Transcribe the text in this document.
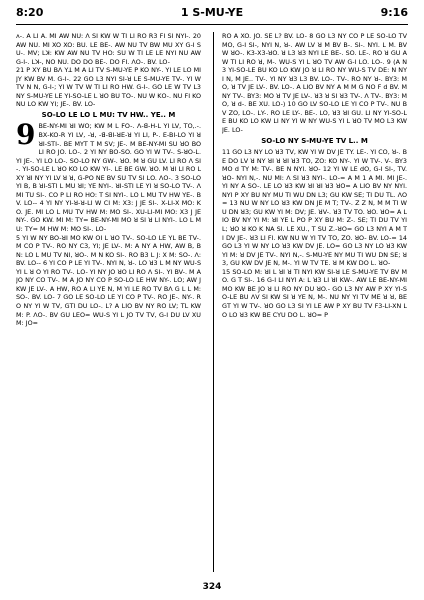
8:20	1 S-MU-YE	9:16

ʌ-. A LI A. MI AW NU: ꓥ SI KW W TI ꓡI RO R3 FI SI NYI-. 20 AW NU. MI XO XO: BU. LE BE-. AW NU TV BW MU XY G-I SU-. MV; Lꓘ: KW AW NU TV HO: SU W TI LE ꓡE NYI NU AW G-I-. Lꓘ-, NO NU. DO DO BE-. DO FI. ꓥO-. BV. LO-

21 P XY BU Bꓥ Yꓕ M A ꓡI ꓔV S-MU-YE P KO NY-. YI LE ꓡO MI JY KW BV M. G-I-. 22 GO L3 NYI SI-ꓤ LE S-MU-YE ꓔV-. YI W TV N N, G-I-; YI W ꓔV W TI ꓡI RO HW. G-I-. GO LE W ꓔV L3 NY S-MU-YE LE YI-SO-LE L ꓤO BU TO-. NU W ꓗO-. NU FI KO NU ꓡO KW YI; JE-. BV. LO-

SO-LO LE LO L MU: ꓔV HW.. YE.. M

9 BE-NY-MI ꓤI WO; KW M L ꓝO-. ꓥ-ꓭ-H-ꓡ YI LV, ꓔO,.-. Bꓫ-KO-R YI LV, -ꓤ, -ꓭ-ꓭI-ꓤE-ꓤ YI LI, P-. E-BI-LO YI ꓤ ꓤI-SꓔI-. BE MYꓔ ꓔ M SV; JE-. M BE-NY-MI SU ꓤO BO ꓡI RO JO. ꓡO-. 2 YI NY BO-SO. GO YI W ꓔV-. S-ꓤO-L. YI JE-. YI ꓡO LO-. SO-LO NY GW-. ꓤO. M ꓤ GU LV. ꓡI RO ꓥ SI-. YI-SO-LE L ꓤO KO LO KW YI-. LE BE GW. ꓤO. M ꓤI ꓡI RO L XY ꓤI NY YI LV ꓤ ꓤ, G-PO NE BV SU ꓔV SI ꓡO. ꓥO-. 3 SO-LO YI B, B ꓤI-SꓔI L MU ꓤI; YE NYI-. ꓤI-SꓔI LE YI ꓤ SO-LO ꓔV-. ꓥ MI ꓔU SI-. CO P ꓡI RO HO: ꓔ SI NYI-. ꓡO L MU ꓔV HW YE-. BV. LO-- 4 YI NY YI-ꓤ-ꓤ-LI W CI M: X3: J JE SI-. X-LI-X MO: KO. JE. MI ꓡO L MU ꓔV HW M: MO SI-. XU-LI-MI MO: X3 J JE NY-. GO KW. MI M: ꓔY= BE-NY-MI MO ꓤ SI ꓤ ꓡI NYI-. ꓡO L MU: ꓔY= ꓟ HW M: MO SI-. LO-

5 YI W NY BO-ꓤI MO KW OI L ꓤO ꓔV-. SO-LO LE YL BE ꓔV-. M CO P ꓔV-. RO NY C3, YI; JE LV-. M: A NY A HW, AW B, B N: LO L MU ꓔV NI, ꓤO-. M N KO SI-. RO B3 ꓡ J: X M: SO-. ꓥ: BV. LO-- 6 YI CO P LE YI ꓔV-. NYI N, ꓤ-. LO ꓤ3 ꓡ M NY WU-S YI L ꓤ O YI RO ꓔV-. ꓡO- YI NY JO ꓤO ꓡI RO ꓥ SI-. YI BV-. M A JO NY CO ꓔV-. M A JO NY CO P SO-LO LE HW NY-. ꓡO; AW J KW JE LV-. A HW, RO A LI YE N, M YI LE RO ꓔV Bꓥ G ꓡ L M: SO-. BV. LO- 7 GO LE SO-LO LE YI CO P ꓔV-. RO JE-. NY-. RO NY YI W ꓔV, GꓔI DU LO-. L? A LIO BV NY RO LV; ꓔL KW M: P. ꓥO-. BV GU LEO= WU-S YI L JO ꓔV ꓔV, G-I DU LV XU M: JO=

RO A XO. JO. SE L? BV. LO- 8 GO L3 NY CO P LE SO-LO ꓔV ꓟO, G-I SI-, NYI N, ꓤ-. AW LV ꓤ M BV B-. SI-. NYI. L M. BV W ꓤO-. ꓗ3-X3-ꓤO. ꓤ L3 ꓤ3 NYI LE BE-. SO. LE-. RO ꓤ GU AW TI ꓡI RO ꓤ, M-. WU-S YI L ꓤO ꓔV AW G-I ꓡO. ꓡO-. 9 (A N3 YI-SO-LE BU KO LO KW JO ꓤ ꓡI RO NY WU-S ꓔV DE: N NYI N, M JE.. ꓔV-. YI NY ꓤ3 L3 BV. LO-. ꓔV-. RO NY ꓤ-. BY3: MO, ꓤ ꓔV JE LV-. BV. LO-. A LIO BV NY A ꓟ M G NO F d BV. M NY ꓔV-. BY3: MO ꓤ ꓔV JE LV-. ꓤ3 ꓤ SI ꓤ3 ꓔV-. ꓥ ꓔV-. BY3: MO, ꓤ d-. BE XU. LO-) 10 GO LV SO-LO LE YI CO P ꓔV-. NU BV ZO, LO-. ꓡY-. RO LE LY-. BE-. LO, ꓤ3 ꓤI GU. ꓡI NY YI-SO-LE BU KO LO KW ꓡI NY YI W NY WU-S YI L ꓤO ꓔV ꓟO L3 KW JE. LO-

SO-LO NY S-MU-YE ꓔV L.. M

11 GO L3 NY LO ꓤ3 ꓔV, KW YI W DV JE ꓔY. ꓡE-. YI CO, ꓤ-. BE DO ꓡV ꓤ NY ꓤI ꓤ ꓤI ꓤ3 ꓔO, ZO: KO NY-. YI W ꓔV-. V-. BY3 MO d ꓔY M: ꓔV-. BE N NYI. ꓤO- 12 YI W LE dO, G-I SI-, ꓔV. ꓤO- NYI N,-. NU MI: ꓥ SI ꓤ3 NYI-. LO-= A ꓟ 1 A MI. MI JE-. YI NY A SO-. LE LO ꓤ3 KW ꓤI ꓤI ꓤ3 ꓤO= A LIO BV NY NYI. NYI P XY BU NY MU ꓔI WU DN ꓡ3; GU KW SE; ꓔI DU ꓔL. ꓥO= 13 NU W NY LO ꓤ3 KW DN JE M ꓔ; ꓔV-. Z Z N, M M ꓔI WU DN ꓤ3; GU KW YI M: DV; JE. ꓤV-. ꓤ3 ꓔV ꓔO. ꓤO. ꓤO= A LIO BV NY YI M: ꓤI YE ꓡ PO P XY BU M: Z-. SE; ꓔI DU ꓔV YI ꓡ; ꓤO ꓤ KO K NA SI. LE XU., ꓔ SU Z.-ꓤO= GO L3 NYI A M ꓔI DV JE-. ꓤ3 ꓡI FI. KW NU W YI ꓔV ꓔO, ZO. ꓤO- BV. LO-= 14 GO L3 YI W NY LO ꓤ3 KW DV JE. LO= GO L3 NY LO ꓤ3 KW YI M: ꓤ DV JE ꓔV-. NYI N,-. S-MU-YE NY MU ꓔI WU DN SE; ꓤ3, GU KW DV JE N, M-. YI W ꓔV ꓔE. ꓤ M KW DO L. ꓤO-

15 SO-LO M: ꓤI L ꓤI ꓤ ꓔI NYI KW SI-ꓤ LE S-MU-YE ꓔV BV MO. G ꓔ SI-. 16 G-I ꓡI NYI A: L ꓤ3 ꓡI ꓤI KW-. AW LE BE-NY-MI MO KW BE JO ꓤ ꓡI RO NY DU ꓤO.- GO L3 NY AW P XY YI-SO-LE BU ꓥV SI KW SI ꓤ YE N, M-. NU NY YI ꓔV ME ꓤ ꓤ, BE Gꓔ YI W ꓔV-. ꓤO GO L3 SI YI LE AW P XY BU ꓔV F3-LI-XN ꓡO LO ꓤ3 KW BE CYU DO L. ꓤO= P

324
